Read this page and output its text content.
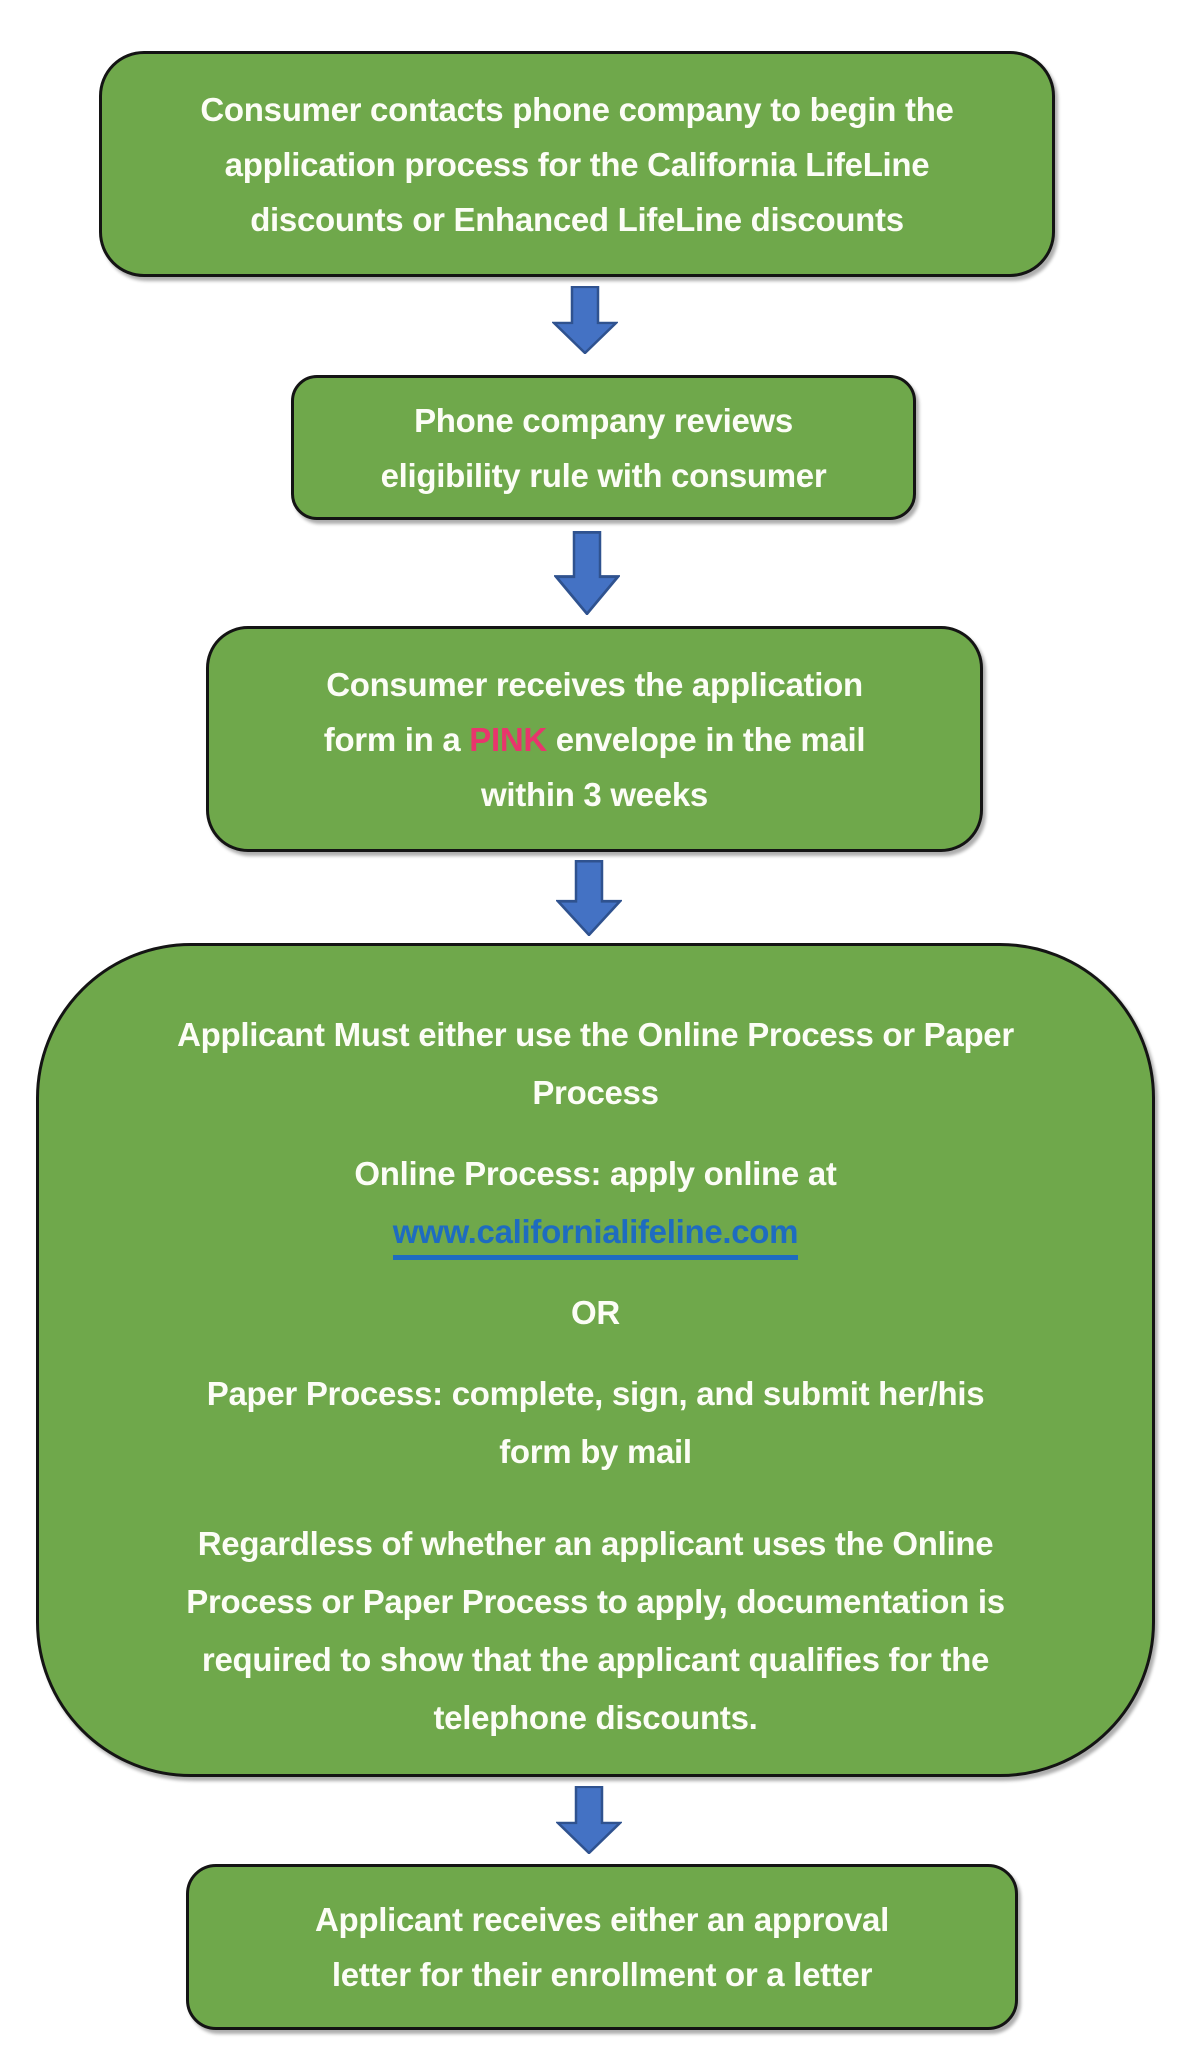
Consumer contacts phone company to begin the
application process for the California LifeLine
discounts or Enhanced LifeLine discounts
Phone company reviews
eligibility rule with consumer
Consumer receives the application
form in a PINK envelope in the mail
within 3 weeks
Applicant Must either use the Online Process or Paper
Process
Online Process: apply online at
www.californialifeline.com
OR
Paper Process: complete, sign, and submit her/his
form by mail
Regardless of whether an applicant uses the Online
Process or Paper Process to apply, documentation is
required to show that the applicant qualifies for the
telephone discounts.
Applicant receives either an approval
letter for their enrollment or a letter
